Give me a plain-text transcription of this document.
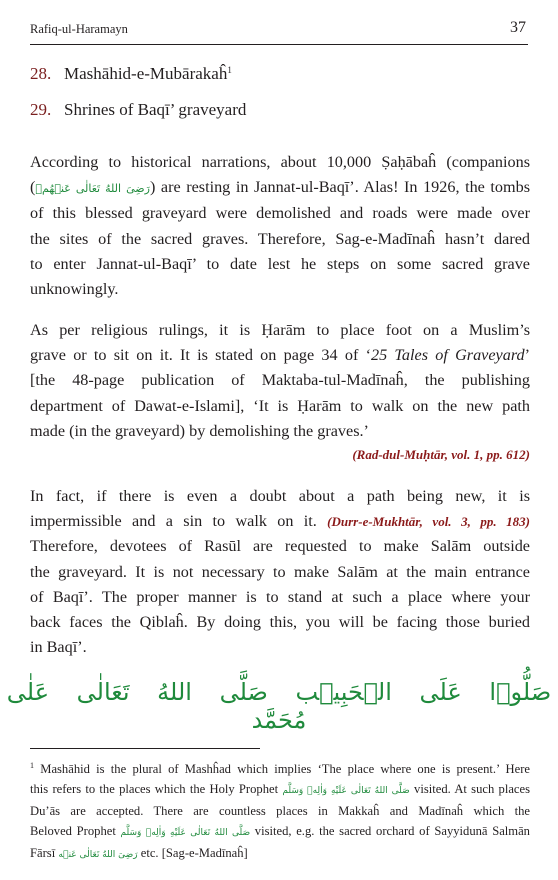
Rafiq-ul-Haramayn	37
28. Mashāhid-e-Mubārakaĥ$^1$
29. Shrines of Baqī’ graveyard
According to historical narrations, about 10,000 Ṣaḥābaĥ (companions
(رَضِیَ اللهُ تَعَالٰی عَنۡهُمۡ) are resting in Jannat-ul-Baqī’. Alas! In 1926, the tombs
of this blessed graveyard were demolished and roads were made over
the sites of the sacred graves. Therefore, Sag-e-Madīnaĥ hasn’t dared
to enter Jannat-ul-Baqī’ to date lest he steps on some sacred grave
unknowingly.
As per religious rulings, it is Ḥarām to place foot on a Muslim’s
grave or to sit on it. It is stated on page 34 of ‘25 Tales of Graveyard’
[the 48-page publication of Maktaba-tul-Madīnaĥ, the publishing
department of Dawat-e-Islami], ‘It is Ḥarām to walk on the new path
made (in the graveyard) by demolishing the graves.’
(Rad-dul-Muḥtār, vol. 1, pp. 612)
In fact, if there is even a doubt about a path being new, it is
impermissible and a sin to walk on it. (Durr-e-Mukhtār, vol. 3, pp. 183)
Therefore, devotees of Rasūl are requested to make Salām outside
the graveyard. It is not necessary to make Salām at the main entrance
of Baqī’. The proper manner is to stand at such a place where your
back faces the Qiblaĥ. By doing this, you will be facing those buried
in Baqī’.
صَلُّوۡا عَلَی الۡحَبِیۡب صَلَّی اللهُ تَعَالٰی عَلٰی مُحَمَّد
$^1$ Mashāhid is the plural of Mashĥad which implies ‘The place where one is present.’ Here
this refers to the places which the Holy Prophet صَلَّى اللهُ تَعَالٰى عَلَيْهِ وَاٰلِهٖ وَسَلَّم visited. At such places
Du’ās are accepted. There are countless places in Makkaĥ and Madīnaĥ which the
Beloved Prophet صَلَّى اللهُ تَعَالٰى عَلَيْهِ وَاٰلِهٖ وَسَلَّم visited, e.g. the sacred orchard of Sayyidunā Salmān
Fārsī رَضِیَ اللهُ تَعَالٰی عَنۡه etc. [Sag-e-Madīnaĥ]
